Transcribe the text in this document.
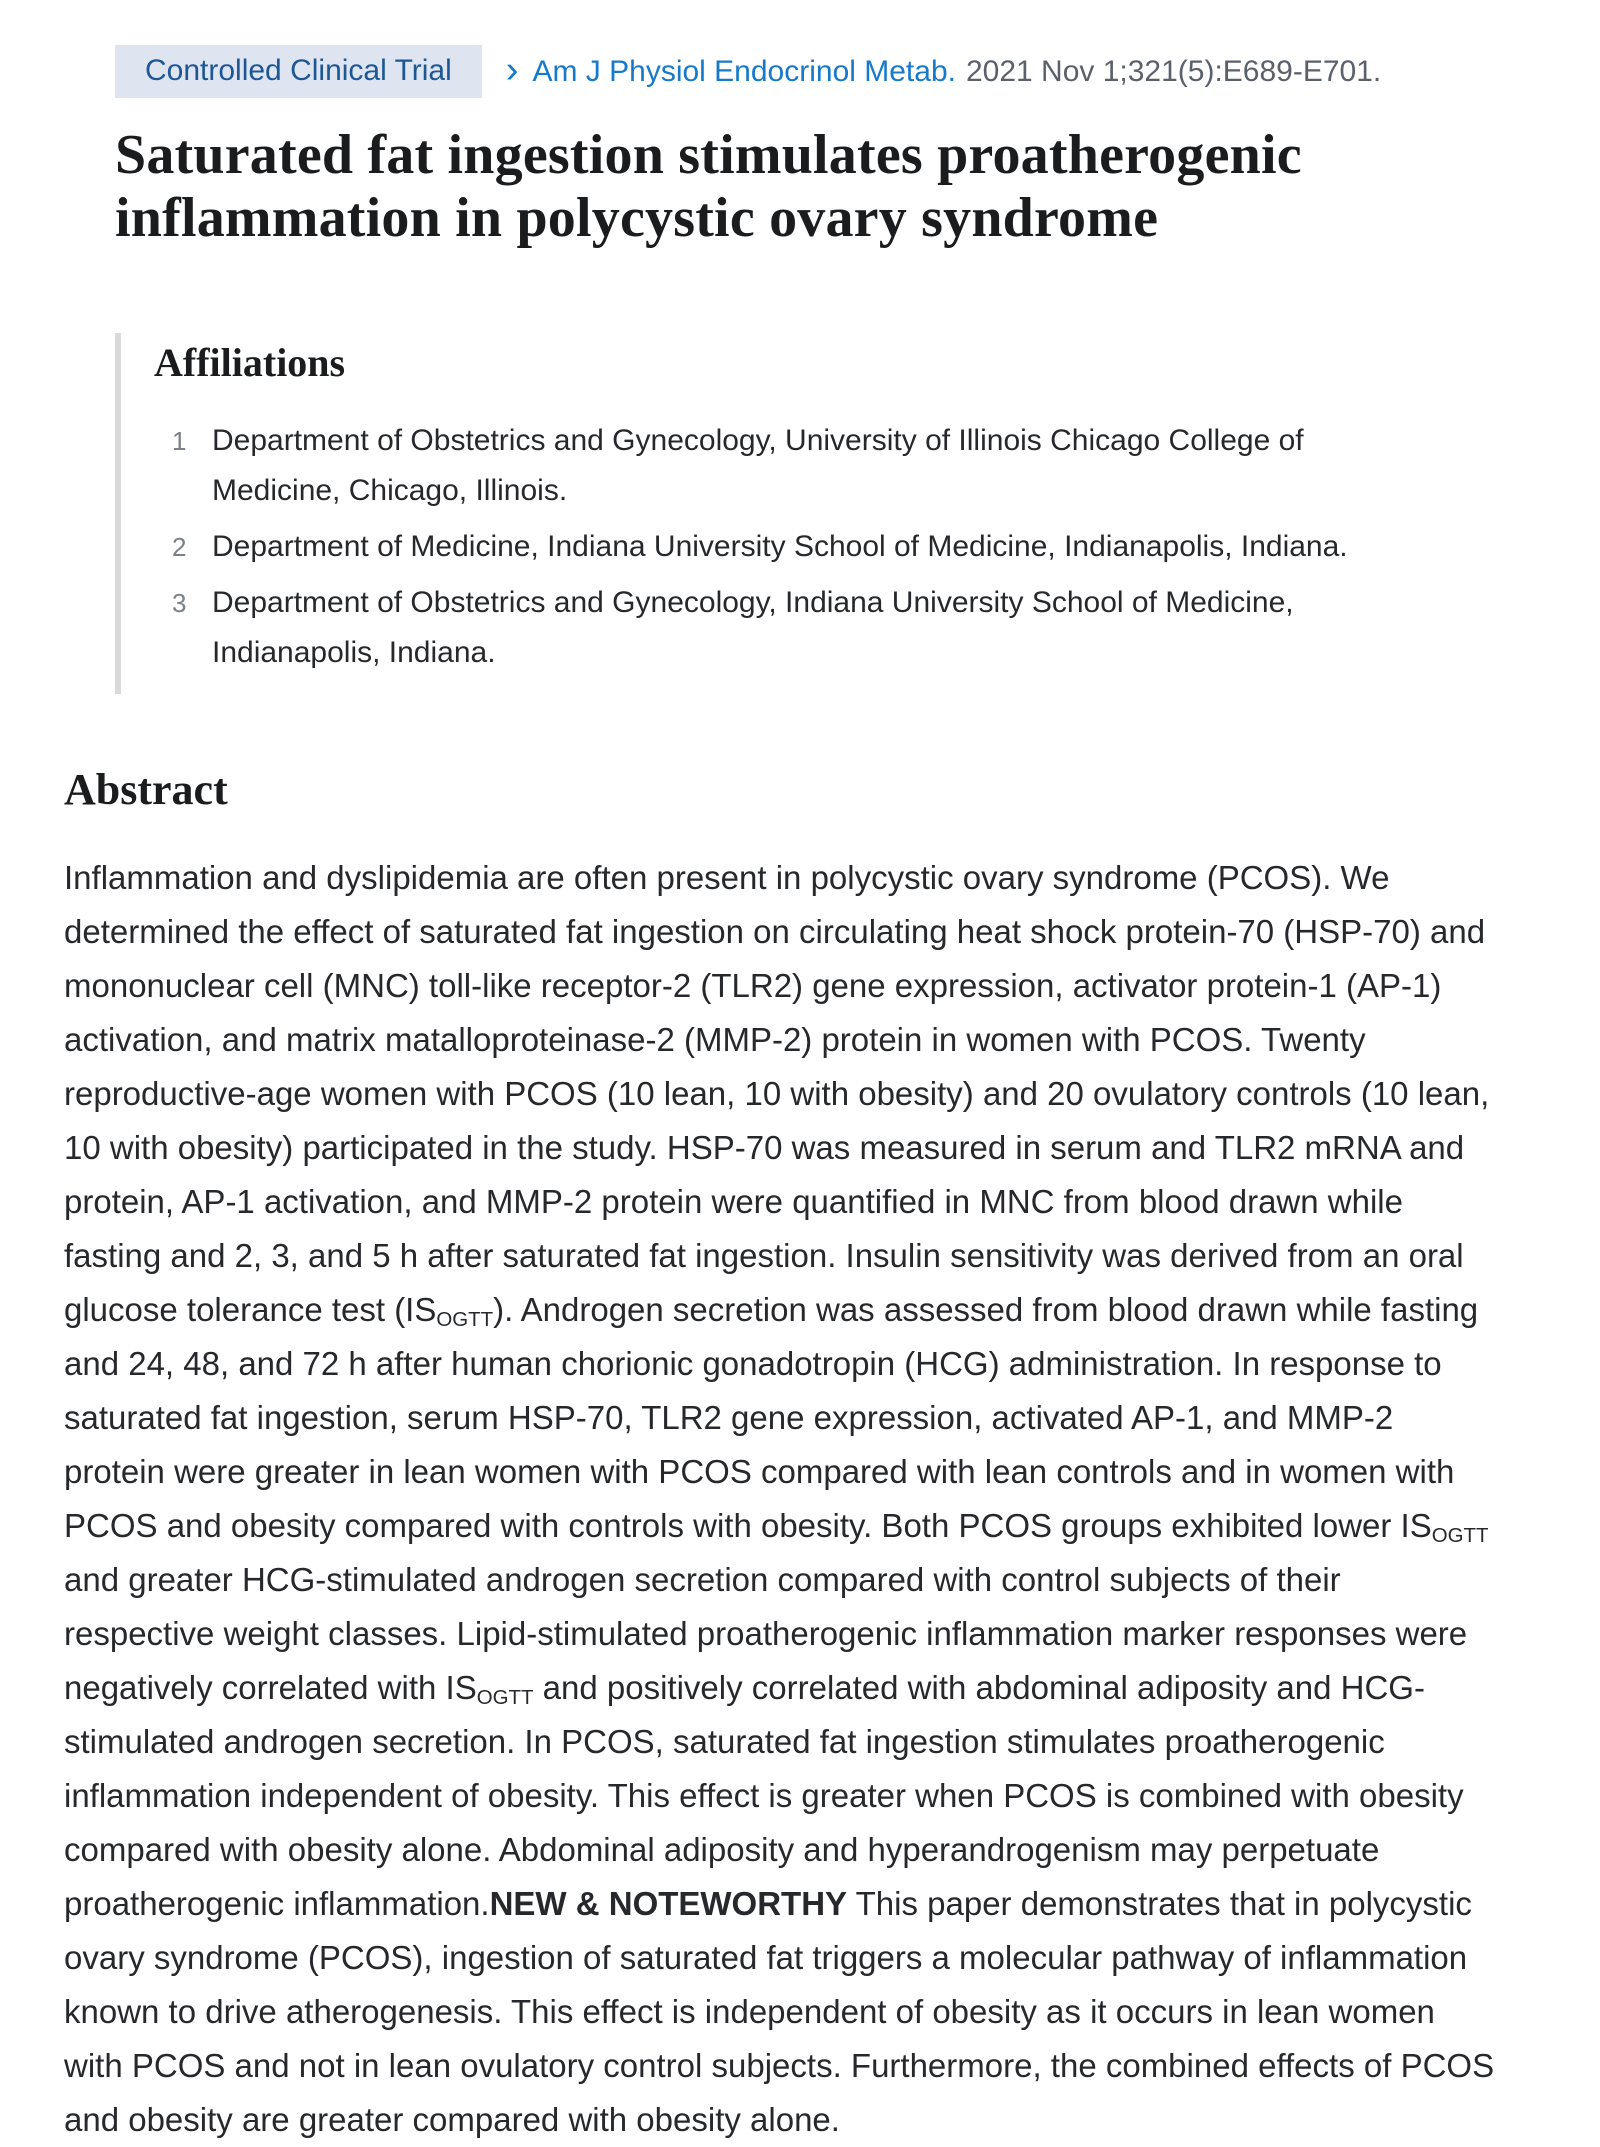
Controlled Clinical Trial	› Am J Physiol Endocrinol Metab. 2021 Nov 1;321(5):E689-E701.
Saturated fat ingestion stimulates proatherogenic inflammation in polycystic ovary syndrome
Affiliations
1 Department of Obstetrics and Gynecology, University of Illinois Chicago College of Medicine, Chicago, Illinois.
2 Department of Medicine, Indiana University School of Medicine, Indianapolis, Indiana.
3 Department of Obstetrics and Gynecology, Indiana University School of Medicine, Indianapolis, Indiana.
Abstract

Inflammation and dyslipidemia are often present in polycystic ovary syndrome (PCOS). We determined the effect of saturated fat ingestion on circulating heat shock protein-70 (HSP-70) and mononuclear cell (MNC) toll-like receptor-2 (TLR2) gene expression, activator protein-1 (AP-1) activation, and matrix matalloproteinase-2 (MMP-2) protein in women with PCOS. Twenty reproductive-age women with PCOS (10 lean, 10 with obesity) and 20 ovulatory controls (10 lean, 10 with obesity) participated in the study. HSP-70 was measured in serum and TLR2 mRNA and protein, AP-1 activation, and MMP-2 protein were quantified in MNC from blood drawn while fasting and 2, 3, and 5 h after saturated fat ingestion. Insulin sensitivity was derived from an oral glucose tolerance test $(IS_{OGTT})$. Androgen secretion was assessed from blood drawn while fasting and 24, 48, and 72 h after human chorionic gonadotropin (HCG) administration. In response to saturated fat ingestion, serum HSP-70, TLR2 gene expression, activated AP-1, and MMP-2 protein were greater in lean women with PCOS compared with lean controls and in women with PCOS and obesity compared with controls with obesity. Both PCOS groups exhibited lower $IS_{OGTT}$ and greater HCG-stimulated androgen secretion compared with control subjects of their respective weight classes. Lipid-stimulated proatherogenic inflammation marker responses were negatively correlated with $IS_{OGTT}$ and positively correlated with abdominal adiposity and HCG-stimulated androgen secretion. In PCOS, saturated fat ingestion stimulates proatherogenic inflammation independent of obesity. This effect is greater when PCOS is combined with obesity compared with obesity alone. Abdominal adiposity and hyperandrogenism may perpetuate proatherogenic inflammation.NEW & NOTEWORTHY This paper demonstrates that in polycystic ovary syndrome (PCOS), ingestion of saturated fat triggers a molecular pathway of inflammation known to drive atherogenesis. This effect is independent of obesity as it occurs in lean women with PCOS and not in lean ovulatory control subjects. Furthermore, the combined effects of PCOS and obesity are greater compared with obesity alone.
